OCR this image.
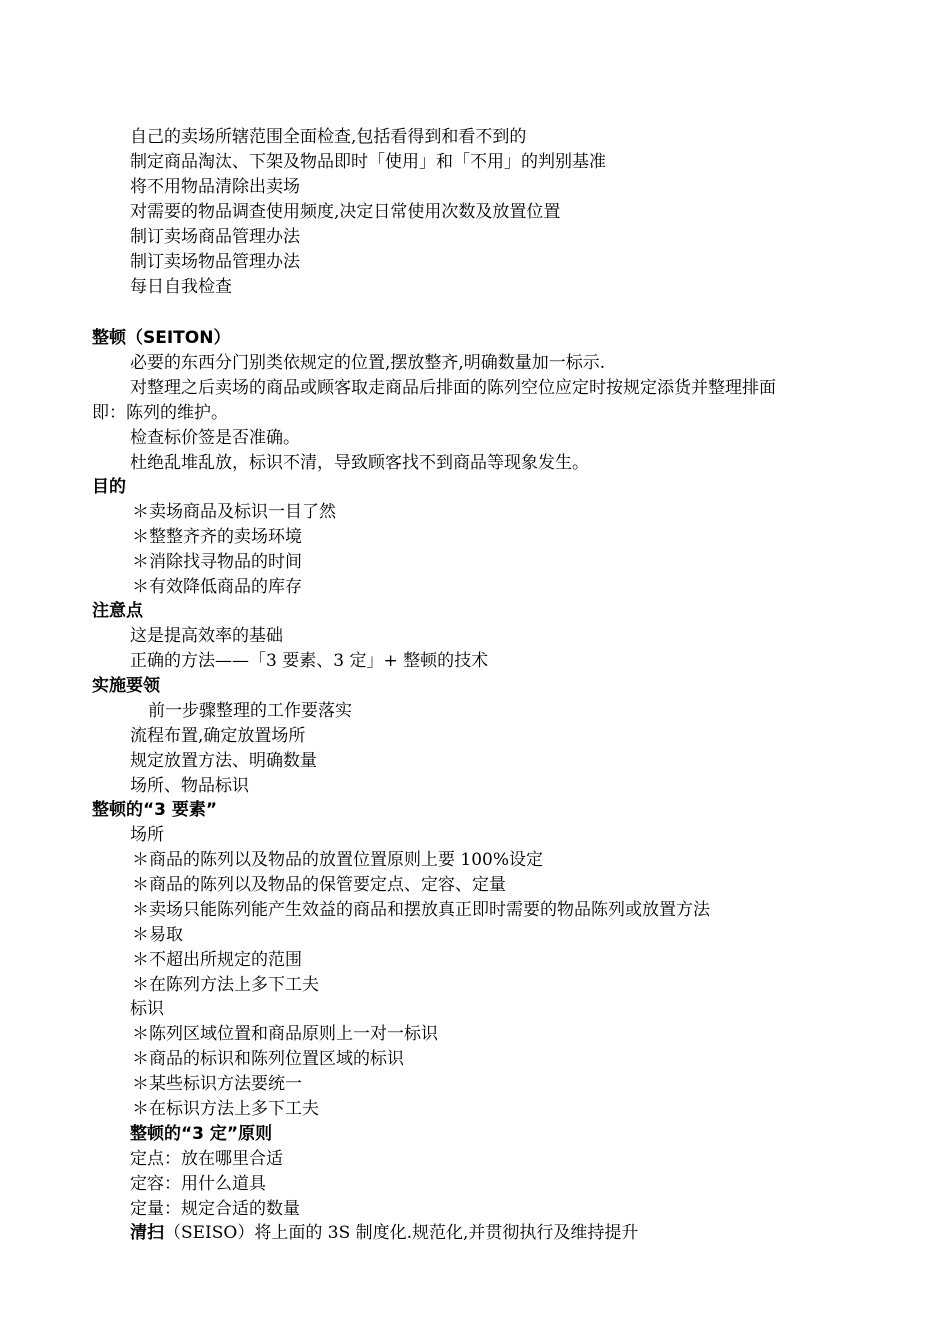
自己的卖场所辖范围全面检查,包括看得到和看不到的
制定商品淘汰、下架及物品即时「使用」和「不用」的判别基准
将不用物品清除出卖场
对需要的物品调查使用频度,决定日常使用次数及放置位置
制订卖场商品管理办法
制订卖场物品管理办法
每日自我检查
整顿（SEITON）
必要的东西分门别类依规定的位置,摆放整齐,明确数量加一标示.
对整理之后卖场的商品或顾客取走商品后排面的陈列空位应定时按规定添货并整理排面
即：陈列的维护。
检查标价签是否准确。
杜绝乱堆乱放，标识不清，导致顾客找不到商品等现象发生。
目的
＊卖场商品及标识一目了然
＊整整齐齐的卖场环境
＊消除找寻物品的时间
＊有效降低商品的库存
注意点
这是提高效率的基础
正确的方法——「3 要素、3 定」+ 整顿的技术
实施要领
前一步骤整理的工作要落实
流程布置,确定放置场所
规定放置方法、明确数量
场所、物品标识
整顿的“3 要素”
场所
＊商品的陈列以及物品的放置位置原则上要 100%设定
＊商品的陈列以及物品的保管要定点、定容、定量
＊卖场只能陈列能产生效益的商品和摆放真正即时需要的物品陈列或放置方法
＊易取
＊不超出所规定的范围
＊在陈列方法上多下工夫
标识
＊陈列区域位置和商品原则上一对一标识
＊商品的标识和陈列位置区域的标识
＊某些标识方法要统一
＊在标识方法上多下工夫
整顿的“3 定”原则
定点：放在哪里合适
定容：用什么道具
定量：规定合适的数量
清扫（SEISO）将上面的 3S 制度化.规范化,并贯彻执行及维持提升
